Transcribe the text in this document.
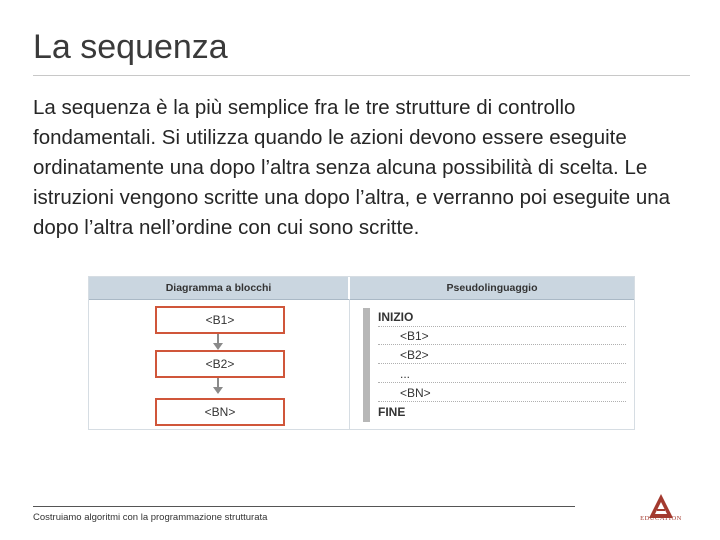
La sequenza

La sequenza è la più semplice fra le tre strutture di controllo fondamentali. Si utilizza quando le azioni devono essere eseguite ordinatamente una dopo l’altra senza alcuna possibilità di scelta. Le istruzioni vengono scritte una dopo l’altra, e verranno poi eseguite una dopo l’altra nell’ordine con cui sono scritte.

Diagramma a blocchi	Pseudolinguaggio
<B1>
<B2>
<BN>
INIZIO
<B1>
<B2>
...
<BN>
FINE
Costruiamo algoritmi con la programmazione strutturata	EDUCATION
